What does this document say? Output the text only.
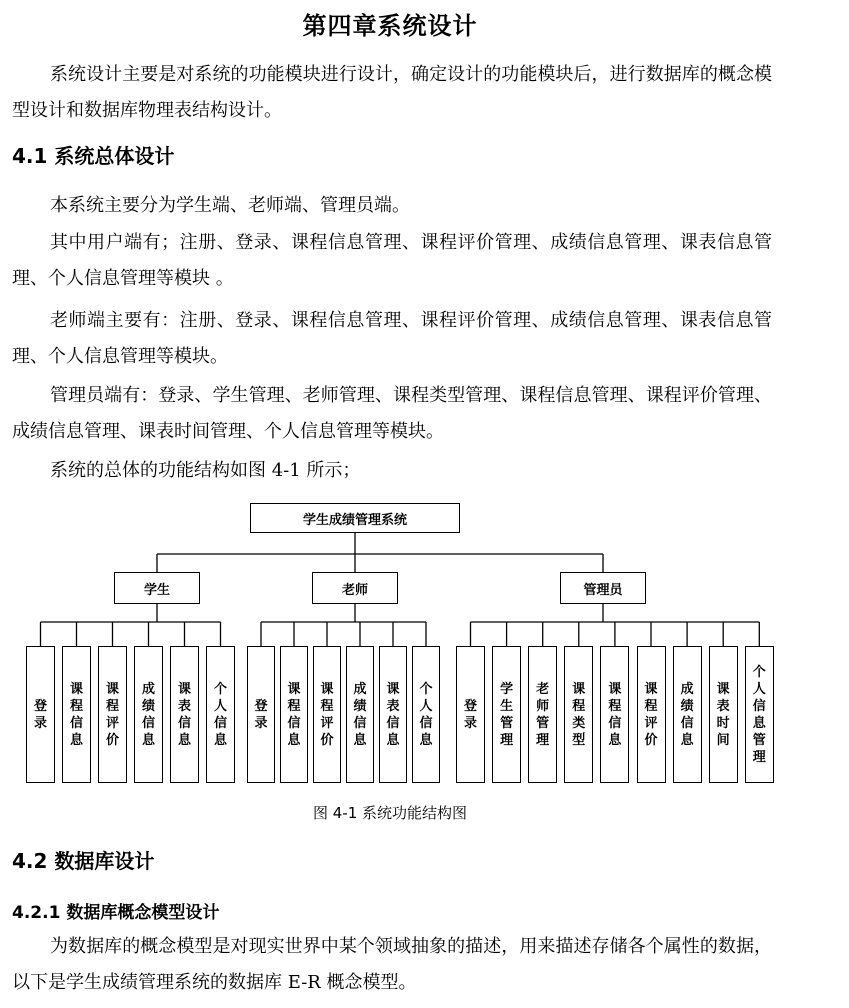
第四章系统设计

系统设计主要是对系统的功能模块进行设计，确定设计的功能模块后，进行数据库的概念模型设计和数据库物理表结构设计。

4.1 系统总体设计

本系统主要分为学生端、老师端、管理员端。

其中用户端有；注册、登录、课程信息管理、课程评价管理、成绩信息管理、课表信息管理、个人信息管理等模块 。

老师端主要有：注册、登录、课程信息管理、课程评价管理、成绩信息管理、课表信息管理、个人信息管理等模块。

管理员端有：登录、学生管理、老师管理、课程类型管理、课程信息管理、课程评价管理、成绩信息管理、课表时间管理、个人信息管理等模块。

系统的总体的功能结构如图 4-1 所示；

学生成绩管理系统
学生
登录
课程信息
课程评价
成绩信息
课表信息
个人信息
老师
登录
课程信息
课程评价
成绩信息
课表信息
个人信息
管理员
登录
学生管理
老师管理
课程类型
课程信息
课程评价
成绩信息
课表时间
个人信息管理
图 4-1 系统功能结构图
4.2 数据库设计
4.2.1 数据库概念模型设计

为数据库的概念模型是对现实世界中某个领域抽象的描述，用来描述存储各个属性的数据，以下是学生成绩管理系统的数据库 E-R 概念模型。
